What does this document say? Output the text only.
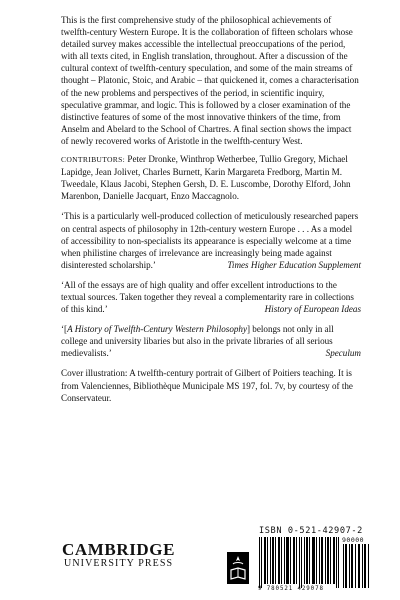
This is the first comprehensive study of the philosophical achievements of twelfth-century Western Europe. It is the collaboration of fifteen scholars whose detailed survey makes accessible the intellectual preoccupations of the period, with all texts cited, in English translation, throughout. After a discussion of the cultural context of twelfth-century speculation, and some of the main streams of thought – Platonic, Stoic, and Arabic – that quickened it, comes a characterisation of the new problems and perspectives of the period, in scientific inquiry, speculative grammar, and logic. This is followed by a closer examination of the distinctive features of some of the most innovative thinkers of the time, from Anselm and Abelard to the School of Chartres. A final section shows the impact of newly recovered works of Aristotle in the twelfth-century West.

CONTRIBUTORS: Peter Dronke, Winthrop Wetherbee, Tullio Gregory, Michael Lapidge, Jean Jolivet, Charles Burnett, Karin Margareta Fredborg, Martin M. Tweedale, Klaus Jacobi, Stephen Gersh, D. E. Luscombe, Dorothy Elford, John Marenbon, Danielle Jacquart, Enzo Maccagnolo.

‘This is a particularly well-produced collection of meticulously researched papers on central aspects of philosophy in 12th-century western Europe . . . As a model of accessibility to non-specialists its appearance is especially welcome at a time when philistine charges of irrelevance are increasingly being made against disinterested scholarship.’	Times Higher Education Supplement

‘All of the essays are of high quality and offer excellent introductions to the textual sources. Taken together they reveal a complementarity rare in collections of this kind.’	History of European Ideas

‘[A History of Twelfth-Century Western Philosophy] belongs not only in all college and university libaries but also in the private libraries of all serious medievalists.’	Speculum

Cover illustration: A twelfth-century portrait of Gilbert of Poitiers teaching. It is from Valenciennes, Bibliothèque Municipale MS 197, fol. 7v, by courtesy of the Conservateur.

CAMBRIDGE
UNIVERSITY PRESS
ISBN 0-521-42907-2
90000
9 780521 429078
